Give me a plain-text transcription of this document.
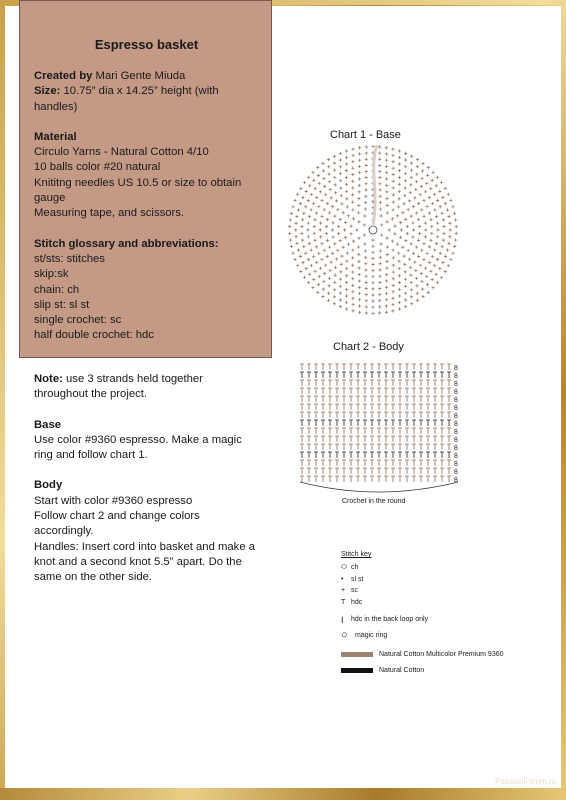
Espresso basket
Created by Mari Gente Miuda
Size: 10.75” dia x 14.25” height (with handles)
Material
Circulo Yarns - Natural Cotton 4/10
10 balls color #20 natural
Knititng needles US 10.5 or size to obtain gauge
Measuring tape, and scissors.
Stitch glossary and abbreviations:
st/sts: stitches
skip:sk
chain: ch
slip st: sl st
single crochet: sc
half double crochet: hdc
Note: use 3 strands held together throughout the project.
Base
Use color #9360 espresso. Make a magic ring and follow chart 1.
Body
Start with color #9360 espresso
Follow chart 2 and change colors accordingly.
Handles: Insert cord into basket and make a knot and a second knot 5.5” apart. Do the same on the other side.
Chart 1 - Base
Chart 2 - Body
8
8
8
8
8
8
8
8
8
8
8
8
8
8
8
Crochet in the round
Stitch key
⬭ ch
•	sl st
+ sc
T hdc
I	hdc in the back loop only
○	magic ring
Natural Cotton Multicolor Premium 9360
Natural Cotton
PassionForum.ru
